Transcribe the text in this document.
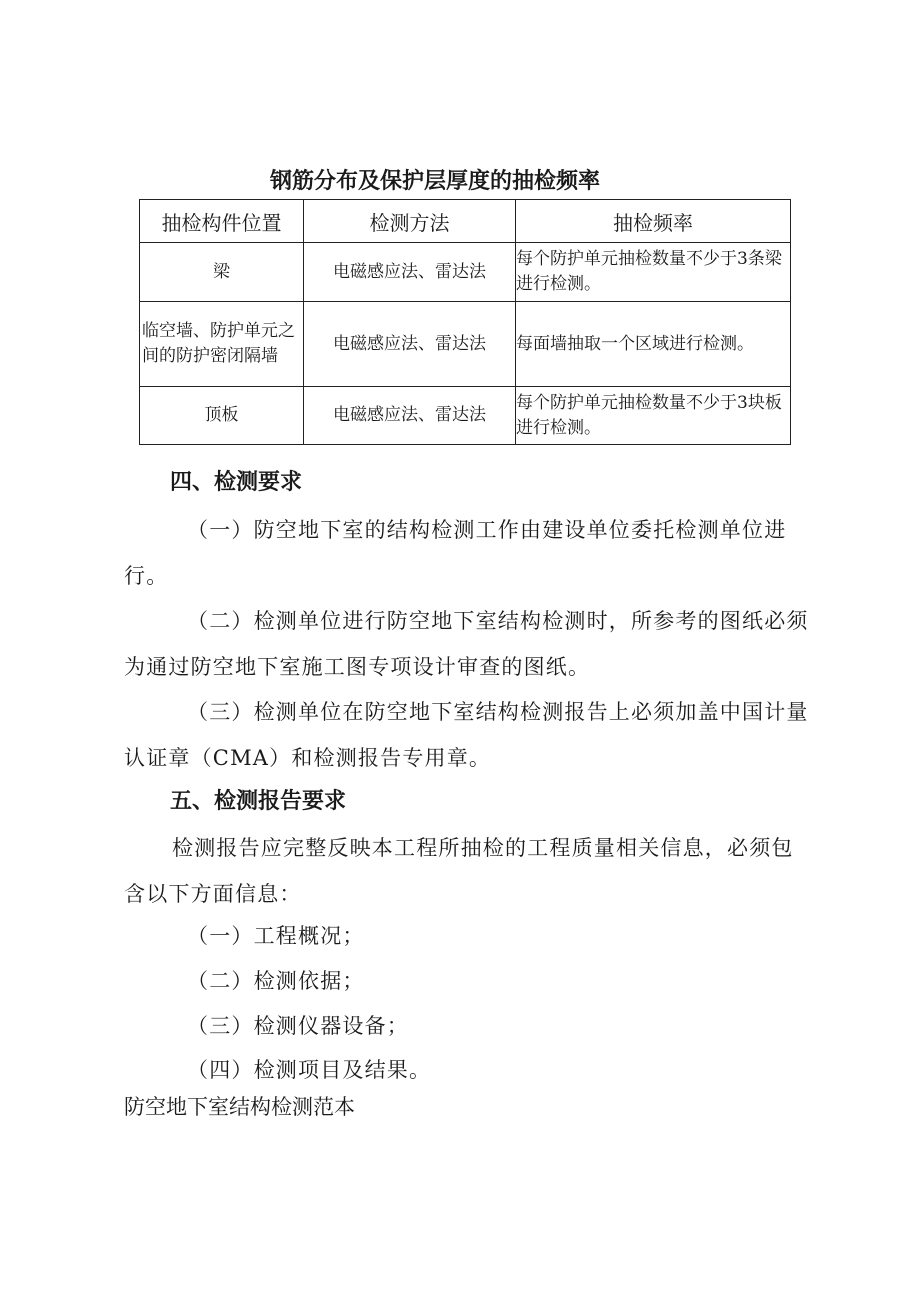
钢筋分布及保护层厚度的抽检频率
抽检构件位置	检测方法	抽检频率
梁	电磁感应法、雷达法	每个防护单元抽检数量不少于3条梁进行检测。
临空墙、防护单元之间的防护密闭隔墙	电磁感应法、雷达法	每面墙抽取一个区域进行检测。
顶板	电磁感应法、雷达法	每个防护单元抽检数量不少于3块板进行检测。
四、检测要求
（一）防空地下室的结构检测工作由建设单位委托检测单位进行。
（二）检测单位进行防空地下室结构检测时，所参考的图纸必须为通过防空地下室施工图专项设计审查的图纸。
（三）检测单位在防空地下室结构检测报告上必须加盖中国计量认证章（CMA）和检测报告专用章。
五、检测报告要求
检测报告应完整反映本工程所抽检的工程质量相关信息，必须包含以下方面信息：
（一）工程概况；
（二）检测依据；
（三）检测仪器设备；
（四）检测项目及结果。
防空地下室结构检测范本
